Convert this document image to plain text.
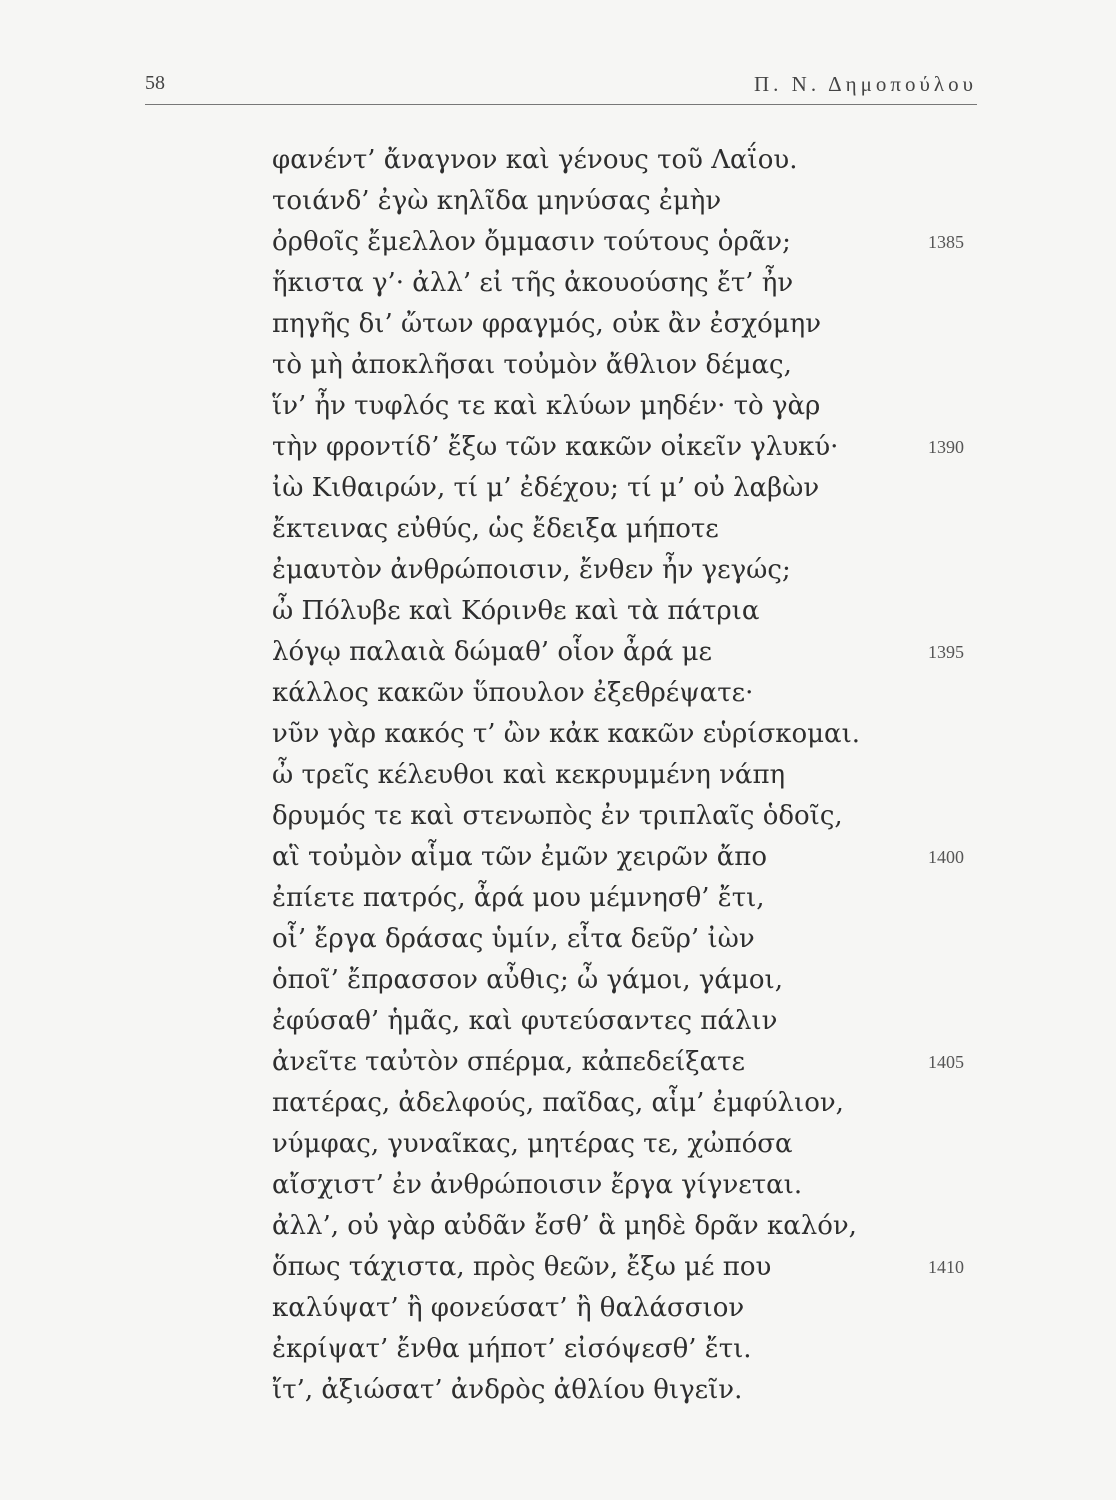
58	Π. Ν. Δημοπούλου
φανέντ’ ἄναγνον καὶ γένους τοῦ Λαΐου.
τοιάνδ’ ἐγὼ κηλῖδα μηνύσας ἐμὴν
ὀρθοῖς ἔμελλον ὄμμασιν τούτους ὁρᾶν;	1385
ἥκιστα γ’· ἀλλ’ εἰ τῆς ἀκουούσης ἔτ’ ἦν
πηγῆς δι’ ὤτων φραγμός, οὐκ ἂν ἐσχόμην
τὸ μὴ ἀποκλῆσαι τοὐμὸν ἄθλιον δέμας,
ἵν’ ἦν τυφλός τε καὶ κλύων μηδέν· τὸ γὰρ
τὴν φροντίδ’ ἔξω τῶν κακῶν οἰκεῖν γλυκύ·	1390
ἰὼ Κιθαιρών, τί μ’ ἐδέχου; τί μ’ οὐ λαβὼν
ἔκτεινας εὐθύς, ὡς ἔδειξα μήποτε
ἐμαυτὸν ἀνθρώποισιν, ἔνθεν ἦν γεγώς;
ὦ Πόλυβε καὶ Κόρινθε καὶ τὰ πάτρια
λόγῳ παλαιὰ δώμαθ’ οἷον ἆρά με	1395
κάλλος κακῶν ὕπουλον ἐξεθρέψατε·
νῦν γὰρ κακός τ’ ὢν κἀκ κακῶν εὑρίσκομαι.
ὦ τρεῖς κέλευθοι καὶ κεκρυμμένη νάπη
δρυμός τε καὶ στενωπὸς ἐν τριπλαῖς ὁδοῖς,
αἳ τοὐμὸν αἷμα τῶν ἐμῶν χειρῶν ἄπο	1400
ἐπίετε πατρός, ἆρά μου μέμνησθ’ ἔτι,
οἷ’ ἔργα δράσας ὑμίν, εἶτα δεῦρ’ ἰὼν
ὁποῖ’ ἔπρασσον αὖθις; ὦ γάμοι, γάμοι,
ἐφύσαθ’ ἡμᾶς, καὶ φυτεύσαντες πάλιν
ἀνεῖτε ταὐτὸν σπέρμα, κἀπεδείξατε	1405
πατέρας, ἀδελφούς, παῖδας, αἷμ’ ἐμφύλιον,
νύμφας, γυναῖκας, μητέρας τε, χὠπόσα
αἴσχιστ’ ἐν ἀνθρώποισιν ἔργα γίγνεται.
ἀλλ’, οὐ γὰρ αὐδᾶν ἔσθ’ ἃ μηδὲ δρᾶν καλόν,
ὅπως τάχιστα, πρὸς θεῶν, ἔξω μέ που	1410
καλύψατ’ ἢ φονεύσατ’ ἢ θαλάσσιον
ἐκρίψατ’ ἔνθα μήποτ’ εἰσόψεσθ’ ἔτι.
ἴτ’, ἀξιώσατ’ ἀνδρὸς ἀθλίου θιγεῖν.
